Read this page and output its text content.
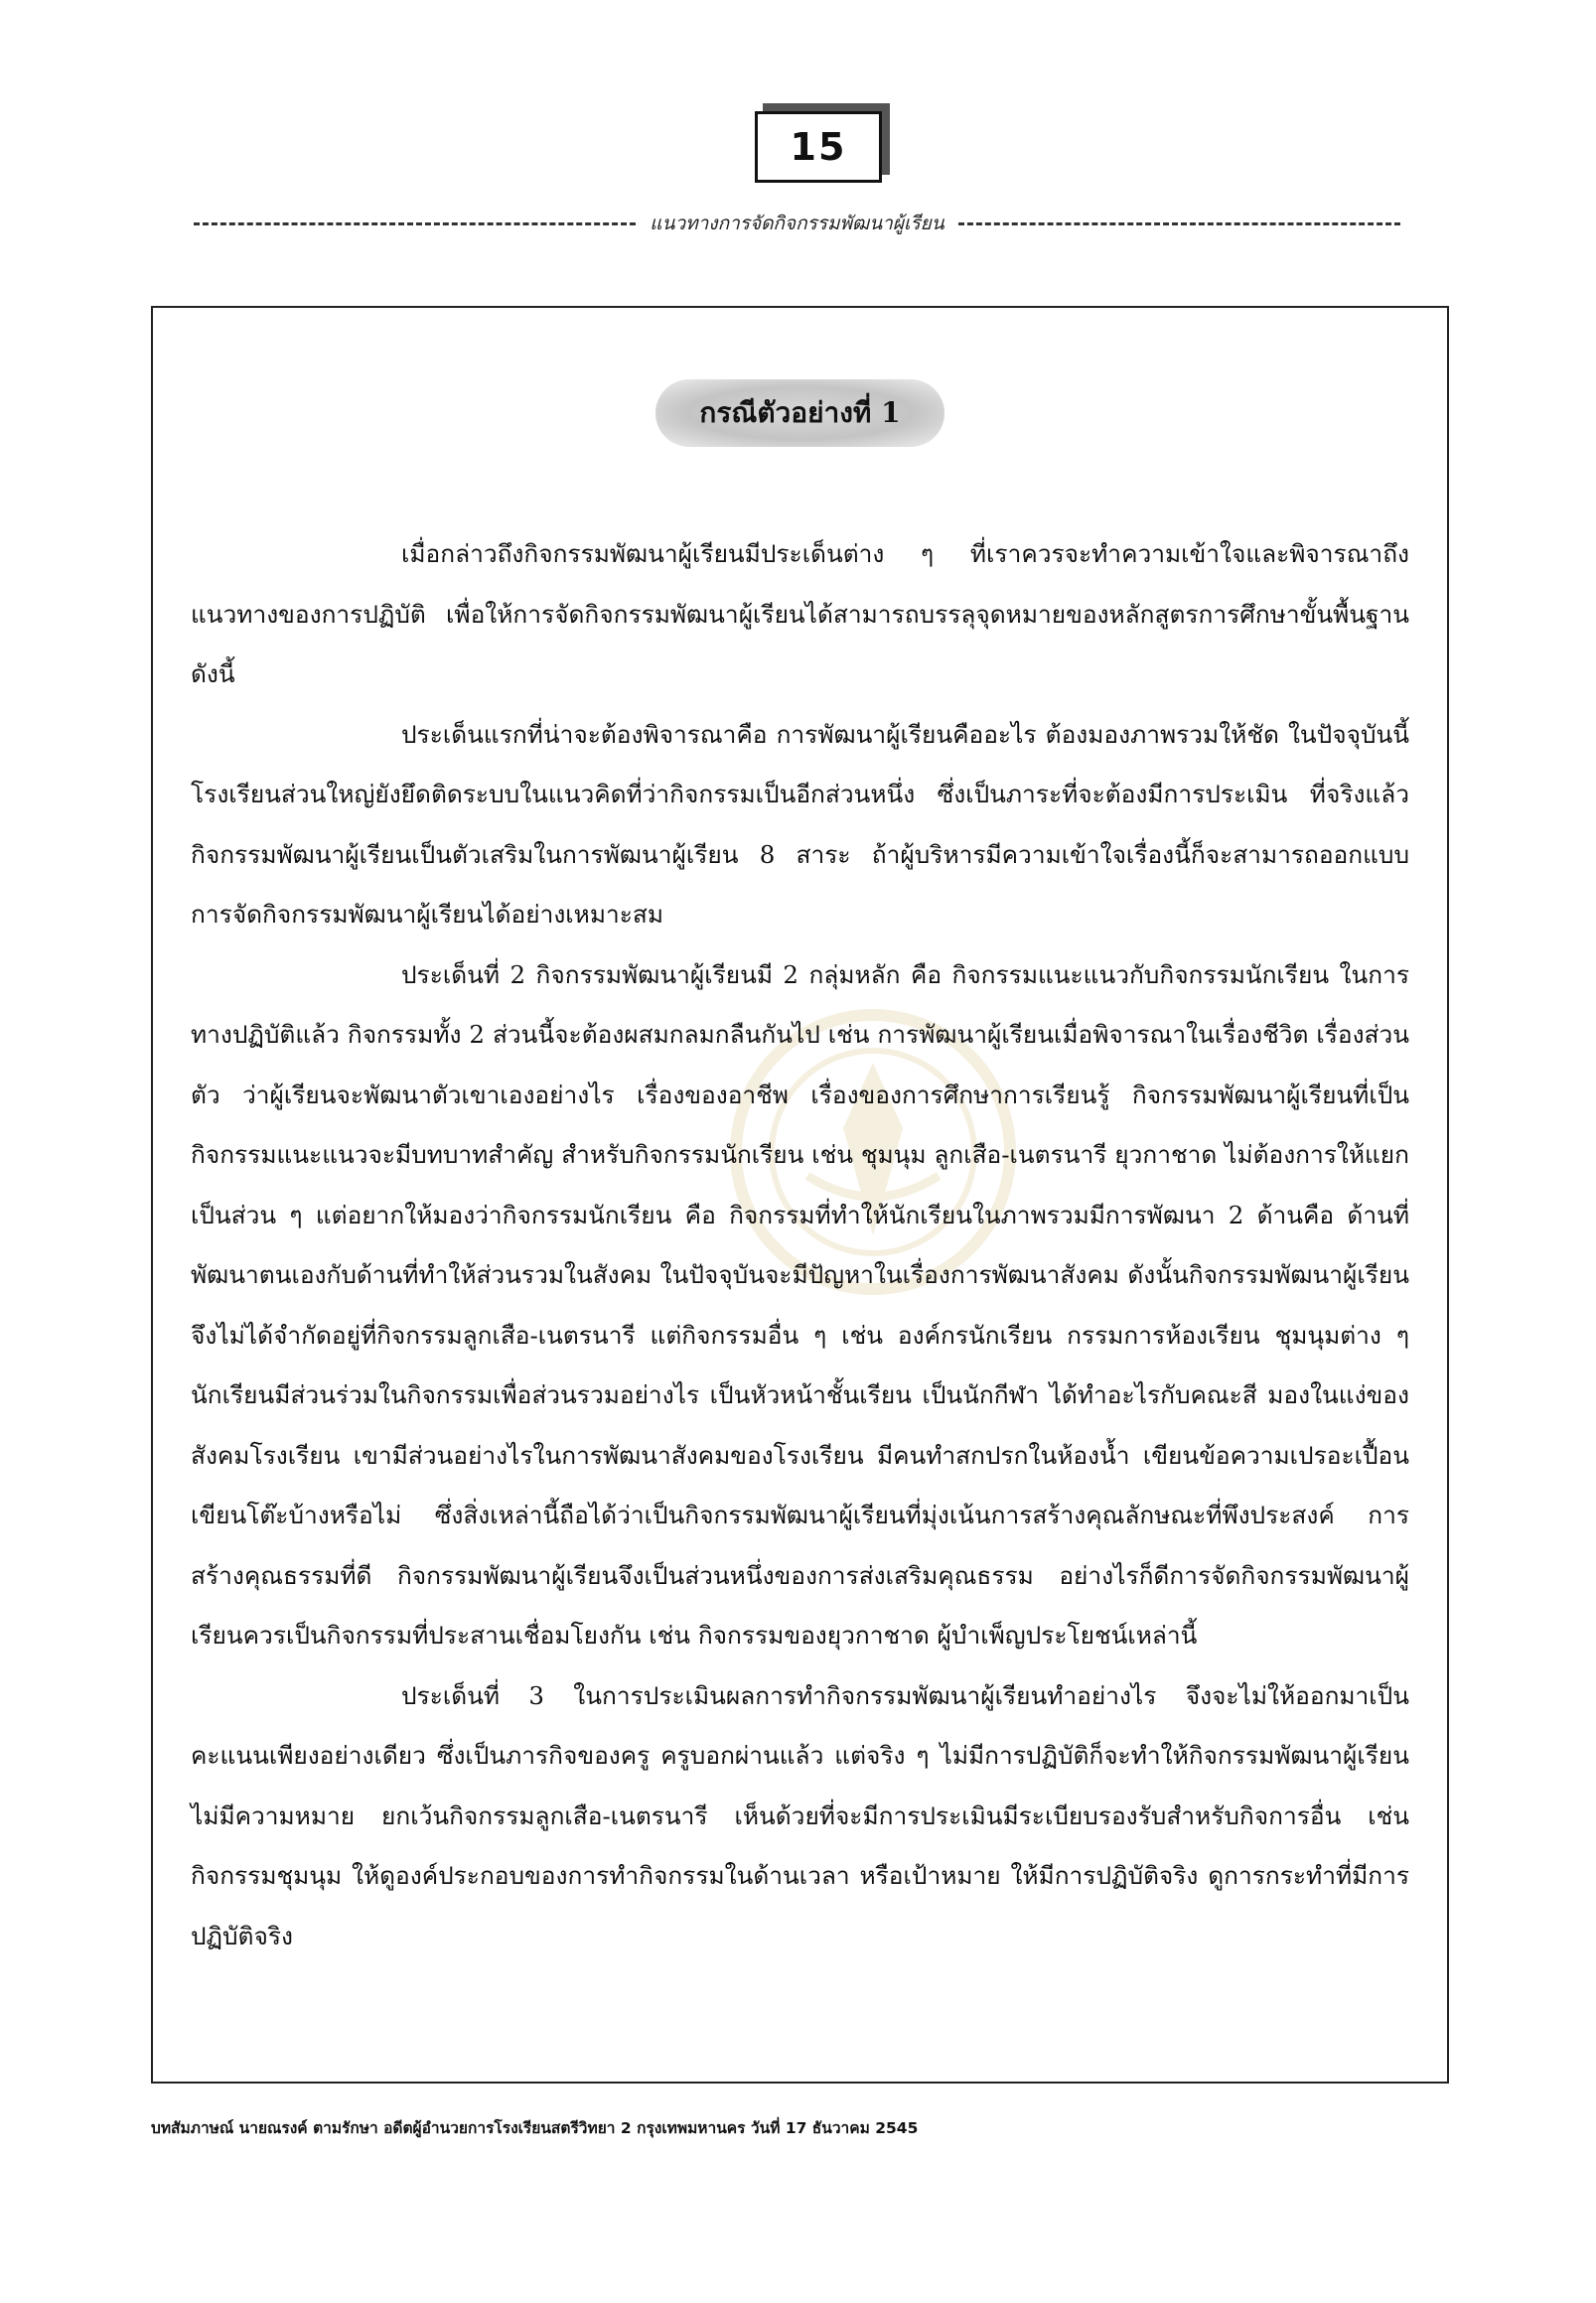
15
แนวทางการจัดกิจกรรมพัฒนาผู้เรียน
กรณีตัวอย่างที่ 1

เมื่อกล่าวถึงกิจกรรมพัฒนาผู้เรียนมีประเด็นต่าง ๆ ที่เราควรจะทำความเข้าใจและพิจารณาถึงแนวทางของการปฏิบัติ เพื่อให้การจัดกิจกรรมพัฒนาผู้เรียนได้สามารถบรรลุจุดหมายของหลักสูตรการศึกษาขั้นพื้นฐาน ดังนี้

ประเด็นแรกที่น่าจะต้องพิจารณาคือ การพัฒนาผู้เรียนคืออะไร ต้องมองภาพรวมให้ชัด ในปัจจุบันนี้โรงเรียนส่วนใหญ่ยังยึดติดระบบในแนวคิดที่ว่ากิจกรรมเป็นอีกส่วนหนึ่ง ซึ่งเป็นภาระที่จะต้องมีการประเมิน ที่จริงแล้วกิจกรรมพัฒนาผู้เรียนเป็นตัวเสริมในการพัฒนาผู้เรียน 8 สาระ ถ้าผู้บริหารมีความเข้าใจเรื่องนี้ก็จะสามารถออกแบบการจัดกิจกรรมพัฒนาผู้เรียนได้อย่างเหมาะสม

ประเด็นที่ 2 กิจกรรมพัฒนาผู้เรียนมี 2 กลุ่มหลัก คือ กิจกรรมแนะแนวกับกิจกรรมนักเรียน ในการทางปฏิบัติแล้ว กิจกรรมทั้ง 2 ส่วนนี้จะต้องผสมกลมกลืนกันไป เช่น การพัฒนาผู้เรียนเมื่อพิจารณาในเรื่องชีวิต เรื่องส่วนตัว ว่าผู้เรียนจะพัฒนาตัวเขาเองอย่างไร เรื่องของอาชีพ เรื่องของการศึกษาการเรียนรู้ กิจกรรมพัฒนาผู้เรียนที่เป็นกิจกรรมแนะแนวจะมีบทบาทสำคัญ สำหรับกิจกรรมนักเรียน เช่น ชุมนุม ลูกเสือ-เนตรนารี ยุวกาชาด ไม่ต้องการให้แยกเป็นส่วน ๆ แต่อยากให้มองว่ากิจกรรมนักเรียน คือ กิจกรรมที่ทำให้นักเรียนในภาพรวมมีการพัฒนา 2 ด้านคือ ด้านที่พัฒนาตนเองกับด้านที่ทำให้ส่วนรวมในสังคม ในปัจจุบันจะมีปัญหาในเรื่องการพัฒนาสังคม ดังนั้นกิจกรรมพัฒนาผู้เรียนจึงไม่ได้จำกัดอยู่ที่กิจกรรมลูกเสือ-เนตรนารี แต่กิจกรรมอื่น ๆ เช่น องค์กรนักเรียน กรรมการห้องเรียน ชุมนุมต่าง ๆ นักเรียนมีส่วนร่วมในกิจกรรมเพื่อส่วนรวมอย่างไร เป็นหัวหน้าชั้นเรียน เป็นนักกีฬา ได้ทำอะไรกับคณะสี มองในแง่ของสังคมโรงเรียน เขามีส่วนอย่างไรในการพัฒนาสังคมของโรงเรียน มีคนทำสกปรกในห้องน้ำ เขียนข้อความเปรอะเปื้อน เขียนโต๊ะบ้างหรือไม่ ซึ่งสิ่งเหล่านี้ถือได้ว่าเป็นกิจกรรมพัฒนาผู้เรียนที่มุ่งเน้นการสร้างคุณลักษณะที่พึงประสงค์ การสร้างคุณธรรมที่ดี กิจกรรมพัฒนาผู้เรียนจึงเป็นส่วนหนึ่งของการส่งเสริมคุณธรรม อย่างไรก็ดีการจัดกิจกรรมพัฒนาผู้เรียนควรเป็นกิจกรรมที่ประสานเชื่อมโยงกัน เช่น กิจกรรมของยุวกาชาด ผู้บำเพ็ญประโยชน์เหล่านี้

ประเด็นที่ 3 ในการประเมินผลการทำกิจกรรมพัฒนาผู้เรียนทำอย่างไร จึงจะไม่ให้ออกมาเป็นคะแนนเพียงอย่างเดียว ซึ่งเป็นภารกิจของครู ครูบอกผ่านแล้ว แต่จริง ๆ ไม่มีการปฏิบัติก็จะทำให้กิจกรรมพัฒนาผู้เรียนไม่มีความหมาย ยกเว้นกิจกรรมลูกเสือ-เนตรนารี เห็นด้วยที่จะมีการประเมินมีระเบียบรองรับสำหรับกิจการอื่น เช่น กิจกรรมชุมนุม ให้ดูองค์ประกอบของการทำกิจกรรมในด้านเวลา หรือเป้าหมาย ให้มีการปฏิบัติจริง ดูการกระทำที่มีการปฏิบัติจริง

บทสัมภาษณ์ นายณรงค์ ตามรักษา อดีตผู้อำนวยการโรงเรียนสตรีวิทยา 2 กรุงเทพมหานคร วันที่ 17 ธันวาคม 2545
